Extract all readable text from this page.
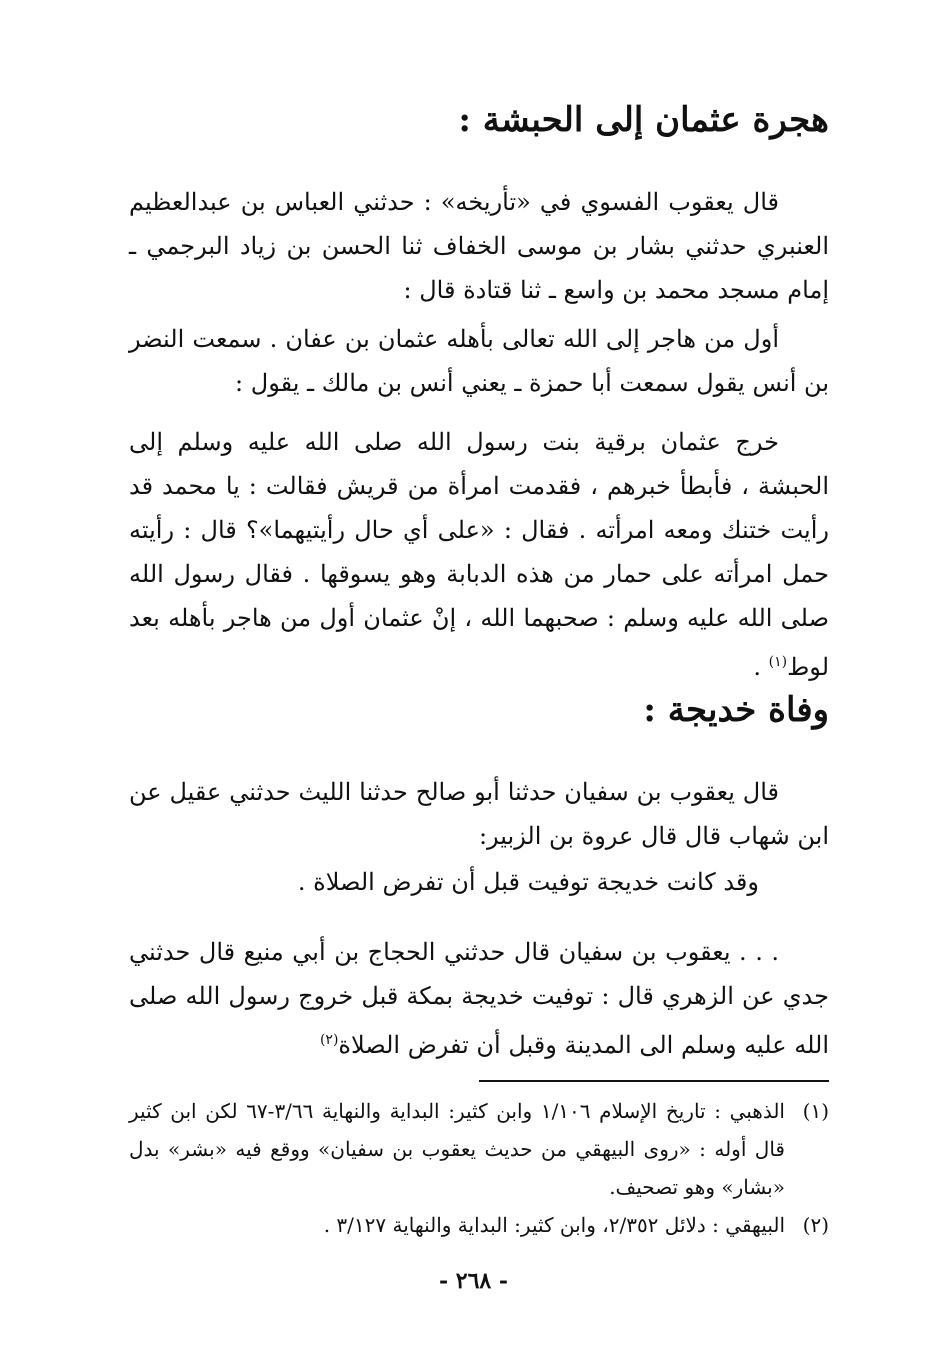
هجرة عثمان إلى الحبشة :

قال يعقوب الفسوي في «تأريخه» : حدثني العباس بن عبدالعظيم العنبري حدثني بشار بن موسى الخفاف ثنا الحسن بن زياد البرجمي ـ إمام مسجد محمد بن واسع ـ ثنا قتادة قال :

أول من هاجر إلى الله تعالى بأهله عثمان بن عفان . سمعت النضر بن أنس يقول سمعت أبا حمزة ـ يعني أنس بن مالك ـ يقول :

خرج عثمان برقية بنت رسول الله صلى الله عليه وسلم إلى الحبشة ، فأبطأ خبرهم ، فقدمت امرأة من قريش فقالت : يا محمد قد رأيت ختنك ومعه امرأته . فقال : «على أي حال رأيتيهما»؟ قال : رأيته حمل امرأته على حمار من هذه الدبابة وهو يسوقها . فقال رسول الله صلى الله عليه وسلم : صحبهما الله ، إنْ عثمان أول من هاجر بأهله بعد لوط$^{(١)}$ .

وفاة خديجة :

قال يعقوب بن سفيان حدثنا أبو صالح حدثنا الليث حدثني عقيل عن ابن شهاب قال قال عروة بن الزبير:

وقد كانت خديجة توفيت قبل أن تفرض الصلاة .

. . . يعقوب بن سفيان قال حدثني الحجاج بن أبي منيع قال حدثني جدي عن الزهري قال : توفيت خديجة بمكة قبل خروج رسول الله صلى الله عليه وسلم الى المدينة وقبل أن تفرض الصلاة$^{(٢)}$

(١)
الذهبي : تاريخ الإسلام ١/١٠٦ وابن كثير: البداية والنهاية ٣/٦٦-٦٧ لكن ابن كثير قال أوله : «روى البيهقي من حديث يعقوب بن سفيان» ووقع فيه «بشر» بدل «بشار» وهو تصحيف.
(٢)
البيهقي : دلائل ٢/٣٥٢، وابن كثير: البداية والنهاية ٣/١٢٧ .
- ٢٦٨ -
